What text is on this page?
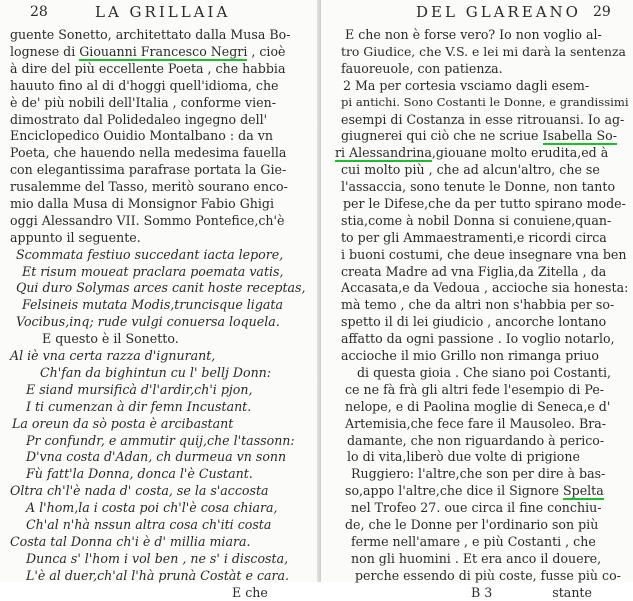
28	LA GRILLAIA
guente Sonetto, architettato dalla Musa Bo-
lognese di Giouanni Francesco Negri , cioè
à dire del più eccellente Poeta , che habbia
hauuto fino al di d'hoggi quell'idioma, che
è de' più nobili dell'Italia , conforme vien-
dimostrato dal Polidedaleo ingegno dell'
Enciclopedico Ouidio Montalbano : da vn
Poeta, che hauendo nella medesima fauella
con elegantissima parafrase portata la Gie-
rusalemme del Tasso, meritò sourano enco-
mio dalla Musa di Monsignor Fabio Ghigi
oggi Alessandro VII. Sommo Pontefice,ch'è
appunto il seguente.
Scommata festiuo succedant iacta lepore,
Et risum moueat praclara poemata vatis,
Qui duro Solymas arces canit hoste receptas,
Felsineis mutata Modis,truncisque ligata
Vocibus,inq; rude vulgi conuersa loquela.
E questo è il Sonetto.
Al iè vna certa razza d'ignurant,
Ch'fan da bighintun cu l' bellj Donn:
E siand mursificà d'l'ardir,ch'i pjon,
I ti cumenzan à dir femn Incustant.
La oreun da sò posta è arcibastant
Pr confundr, e ammutir quij,che l'tassonn:
D'vna costa d'Adan, ch durmeua vn sonn
Fù fatt'la Donna, donca l'è Custant.
Oltra ch'l'è nada d' costa, se la s'accosta
A l'hom,la i costa poi ch'l'è cosa chiara,
Ch'al n'hà nssun altra cosa ch'iti costa
Costa tal Donna ch'i è d' millia miara.
Dunca s' l'hom i vol ben , ne s' i discosta,
L'è al duer,ch'al l'hà prunà Costàt e cara.
E che
DEL GLAREANO 29
E che non è forse vero? Io non voglio al-
tro Giudice, che V.S. e lei mi darà la sentenza
fauoreuole, con patienza.
2 Ma per cortesia vsciamo dagli esem-
pi antichi. Sono Costanti le Donne, e grandissimi
esempi di Costanza in esse ritrouansi. Io ag-
giugnerei qui ciò che ne scriue Isabella So-
ri Alessandrina,giouane molto erudita,ed à
cui molto più , che ad alcun'altro, che se
l'assaccia, sono tenute le Donne, non tanto
per le Difese,che da per tutto spirano mode-
stia,come à nobil Donna si conuiene,quan-
to per gli Ammaestramenti,e ricordi circa
i buoni costumi, che deue insegnare vna ben
creata Madre ad vna Figlia,da Zitella , da
Accasata,e da Vedoua , accioche sia honesta:
mà temo , che da altri non s'habbia per so-
spetto il di lei giudicio , ancorche lontano
affatto da ogni passione . Io voglio notarlo,
accioche il mio Grillo non rimanga priuo
di questa gioia . Che siano poi Costanti,
ce ne fà frà gli altri fede l'esempio di Pe-
nelope, e di Paolina moglie di Seneca,e d'
Artemisia,che fece fare il Mausoleo. Bra-
damante, che non riguardando à perico-
lo di vita,liberò due volte di prigione
Ruggiero: l'altre,che son per dire à bas-
so,appo l'altre,che dice il Signore Spelta
nel Trofeo 27. oue circa il fine conchiu-
de, che le Donne per l'ordinario son più
ferme nell'amare , e più Costanti , che
non gli huomini . Et era anco il douere,
perche essendo di più coste, fusse più co-
B 3	stante
